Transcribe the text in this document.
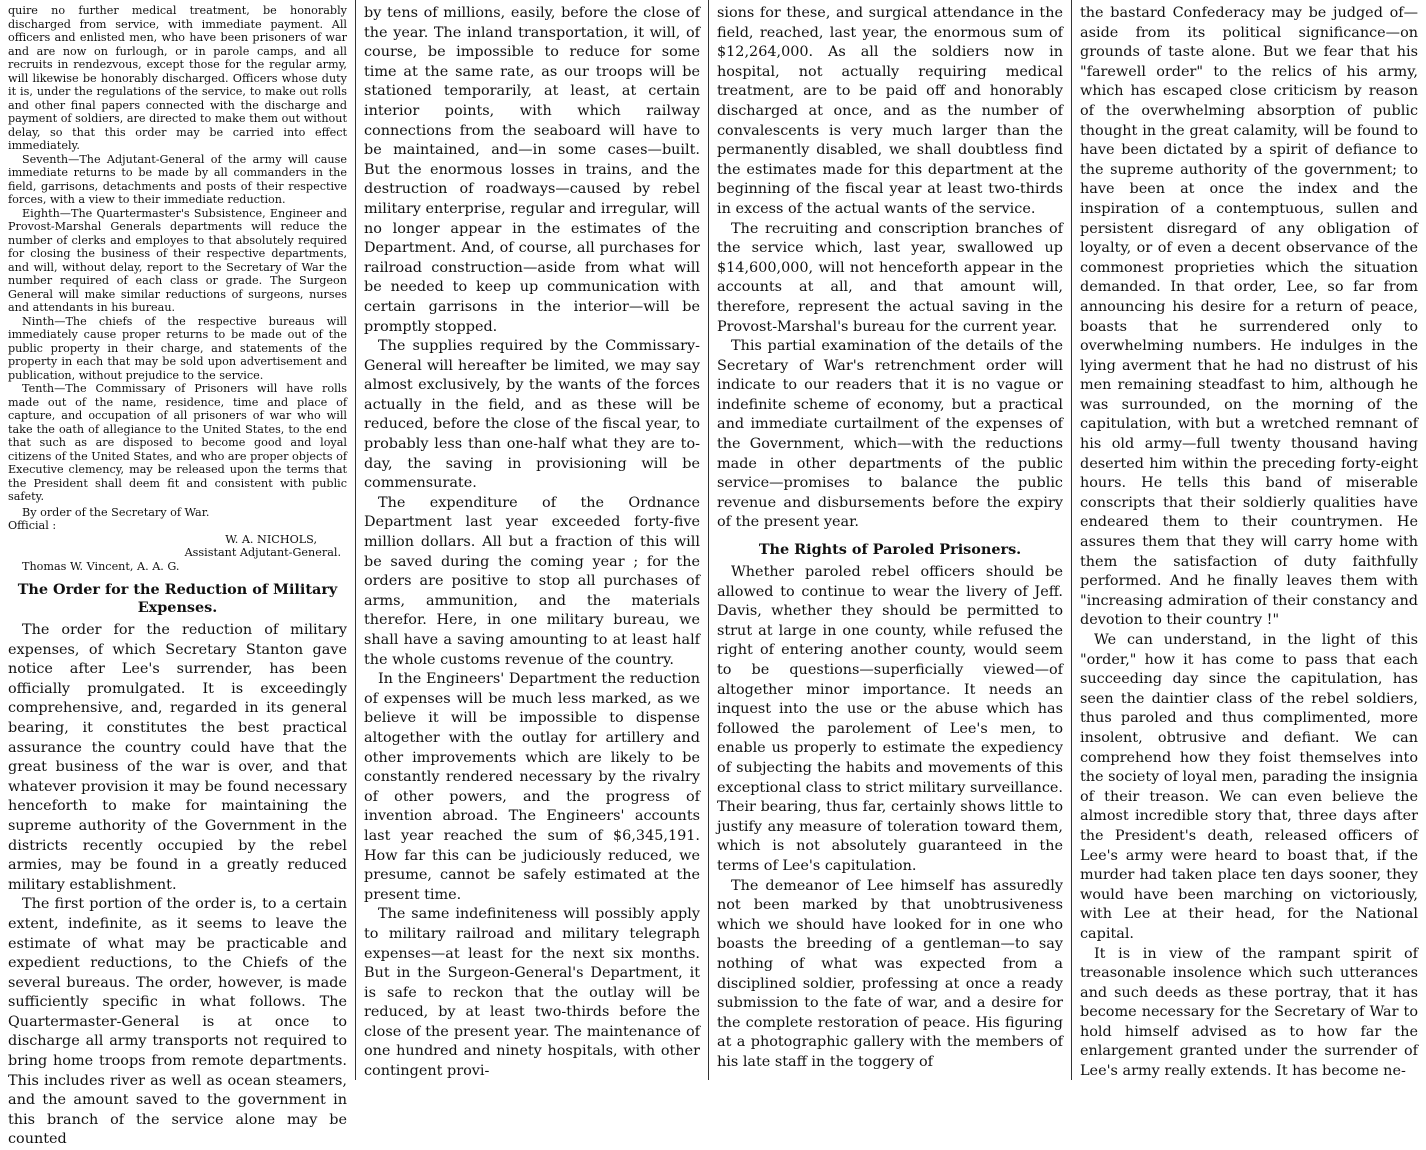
quire no further medical treatment, be honorably discharged from service, with immediate payment. All officers and enlisted men, who have been prisoners of war and are now on furlough, or in parole camps, and all recruits in rendezvous, except those for the regular army, will likewise be honorably discharged. Officers whose duty it is, under the regulations of the service, to make out rolls and other final papers connected with the discharge and payment of soldiers, are directed to make them out without delay, so that this order may be carried into effect immediately.

Seventh—The Adjutant-General of the army will cause immediate returns to be made by all commanders in the field, garrisons, detachments and posts of their respective forces, with a view to their immediate reduction.

Eighth—The Quartermaster's Subsistence, Engineer and Provost-Marshal Generals departments will reduce the number of clerks and employes to that absolutely required for closing the business of their respective departments, and will, without delay, report to the Secretary of War the number required of each class or grade. The Surgeon General will make similar reductions of surgeons, nurses and attendants in his bureau.

Ninth—The chiefs of the respective bureaus will immediately cause proper returns to be made out of the public property in their charge, and statements of the property in each that may be sold upon advertisement and publication, without prejudice to the service.

Tenth—The Commissary of Prisoners will have rolls made out of the name, residence, time and place of capture, and occupation of all prisoners of war who will take the oath of allegiance to the United States, to the end that such as are disposed to become good and loyal citizens of the United States, and who are proper objects of Executive clemency, may be released upon the terms that the President shall deem fit and consistent with public safety.

By order of the Secretary of War.

Official :

W. A. NICHOLS,

Assistant Adjutant-General.

Thomas W. Vincent, A. A. G.

The Order for the Reduction of Military Expenses.

The order for the reduction of military expenses, of which Secretary Stanton gave notice after Lee's surrender, has been officially promulgated. It is exceedingly comprehensive, and, regarded in its general bearing, it constitutes the best practical assurance the country could have that the great business of the war is over, and that whatever provision it may be found necessary henceforth to make for maintaining the supreme authority of the Government in the districts recently occupied by the rebel armies, may be found in a greatly reduced military establishment.

The first portion of the order is, to a certain extent, indefinite, as it seems to leave the estimate of what may be practicable and expedient reductions, to the Chiefs of the several bureaus. The order, however, is made sufficiently specific in what follows. The Quartermaster-General is at once to discharge all army transports not required to bring home troops from remote departments. This includes river as well as ocean steamers, and the amount saved to the government in this branch of the service alone may be counted

by tens of millions, easily, before the close of the year. The inland transportation, it will, of course, be impossible to reduce for some time at the same rate, as our troops will be stationed temporarily, at least, at certain interior points, with which railway connections from the seaboard will have to be maintained, and—in some cases—built. But the enormous losses in trains, and the destruction of roadways—caused by rebel military enterprise, regular and irregular, will no longer appear in the estimates of the Department. And, of course, all purchases for railroad construction—aside from what will be needed to keep up communication with certain garrisons in the interior—will be promptly stopped.

The supplies required by the Commissary-General will hereafter be limited, we may say almost exclusively, by the wants of the forces actually in the field, and as these will be reduced, before the close of the fiscal year, to probably less than one-half what they are to-day, the saving in provisioning will be commensurate.

The expenditure of the Ordnance Department last year exceeded forty-five million dollars. All but a fraction of this will be saved during the coming year ; for the orders are positive to stop all purchases of arms, ammunition, and the materials therefor. Here, in one military bureau, we shall have a saving amounting to at least half the whole customs revenue of the country.

In the Engineers' Department the reduction of expenses will be much less marked, as we believe it will be impossible to dispense altogether with the outlay for artillery and other improvements which are likely to be constantly rendered necessary by the rivalry of other powers, and the progress of invention abroad. The Engineers' accounts last year reached the sum of $6,345,191. How far this can be judiciously reduced, we presume, cannot be safely estimated at the present time.

The same indefiniteness will possibly apply to military railroad and military telegraph expenses—at least for the next six months. But in the Surgeon-General's Department, it is safe to reckon that the outlay will be reduced, by at least two-thirds before the close of the present year. The maintenance of one hundred and ninety hospitals, with other contingent provi-

sions for these, and surgical attendance in the field, reached, last year, the enormous sum of $12,264,000. As all the soldiers now in hospital, not actually requiring medical treatment, are to be paid off and honorably discharged at once, and as the number of convalescents is very much larger than the permanently disabled, we shall doubtless find the estimates made for this department at the beginning of the fiscal year at least two-thirds in excess of the actual wants of the service.

The recruiting and conscription branches of the service which, last year, swallowed up $14,600,000, will not henceforth appear in the accounts at all, and that amount will, therefore, represent the actual saving in the Provost-Marshal's bureau for the current year.

This partial examination of the details of the Secretary of War's retrenchment order will indicate to our readers that it is no vague or indefinite scheme of economy, but a practical and immediate curtailment of the expenses of the Government, which—with the reductions made in other departments of the public service—promises to balance the public revenue and disbursements before the expiry of the present year.

The Rights of Paroled Prisoners.

Whether paroled rebel officers should be allowed to continue to wear the livery of Jeff. Davis, whether they should be permitted to strut at large in one county, while refused the right of entering another county, would seem to be questions—superficially viewed—of altogether minor importance. It needs an inquest into the use or the abuse which has followed the parolement of Lee's men, to enable us properly to estimate the expediency of subjecting the habits and movements of this exceptional class to strict military surveillance. Their bearing, thus far, certainly shows little to justify any measure of toleration toward them, which is not absolutely guaranteed in the terms of Lee's capitulation.

The demeanor of Lee himself has assuredly not been marked by that unobtrusiveness which we should have looked for in one who boasts the breeding of a gentleman—to say nothing of what was expected from a disciplined soldier, professing at once a ready submission to the fate of war, and a desire for the complete restoration of peace. His figuring at a photographic gallery with the members of his late staff in the toggery of

the bastard Confederacy may be judged of—aside from its political significance—on grounds of taste alone. But we fear that his "farewell order" to the relics of his army, which has escaped close criticism by reason of the overwhelming absorption of public thought in the great calamity, will be found to have been dictated by a spirit of defiance to the supreme authority of the government; to have been at once the index and the inspiration of a contemptuous, sullen and persistent disregard of any obligation of loyalty, or of even a decent observance of the commonest proprieties which the situation demanded. In that order, Lee, so far from announcing his desire for a return of peace, boasts that he surrendered only to overwhelming numbers. He indulges in the lying averment that he had no distrust of his men remaining steadfast to him, although he was surrounded, on the morning of the capitulation, with but a wretched remnant of his old army—full twenty thousand having deserted him within the preceding forty-eight hours. He tells this band of miserable conscripts that their soldierly qualities have endeared them to their countrymen. He assures them that they will carry home with them the satisfaction of duty faithfully performed. And he finally leaves them with "increasing admiration of their constancy and devotion to their country !"

We can understand, in the light of this "order," how it has come to pass that each succeeding day since the capitulation, has seen the daintier class of the rebel soldiers, thus paroled and thus complimented, more insolent, obtrusive and defiant. We can comprehend how they foist themselves into the society of loyal men, parading the insignia of their treason. We can even believe the almost incredible story that, three days after the President's death, released officers of Lee's army were heard to boast that, if the murder had taken place ten days sooner, they would have been marching on victoriously, with Lee at their head, for the National capital.

It is in view of the rampant spirit of treasonable insolence which such utterances and such deeds as these portray, that it has become necessary for the Secretary of War to hold himself advised as to how far the enlargement granted under the surrender of Lee's army really extends. It has become ne-
